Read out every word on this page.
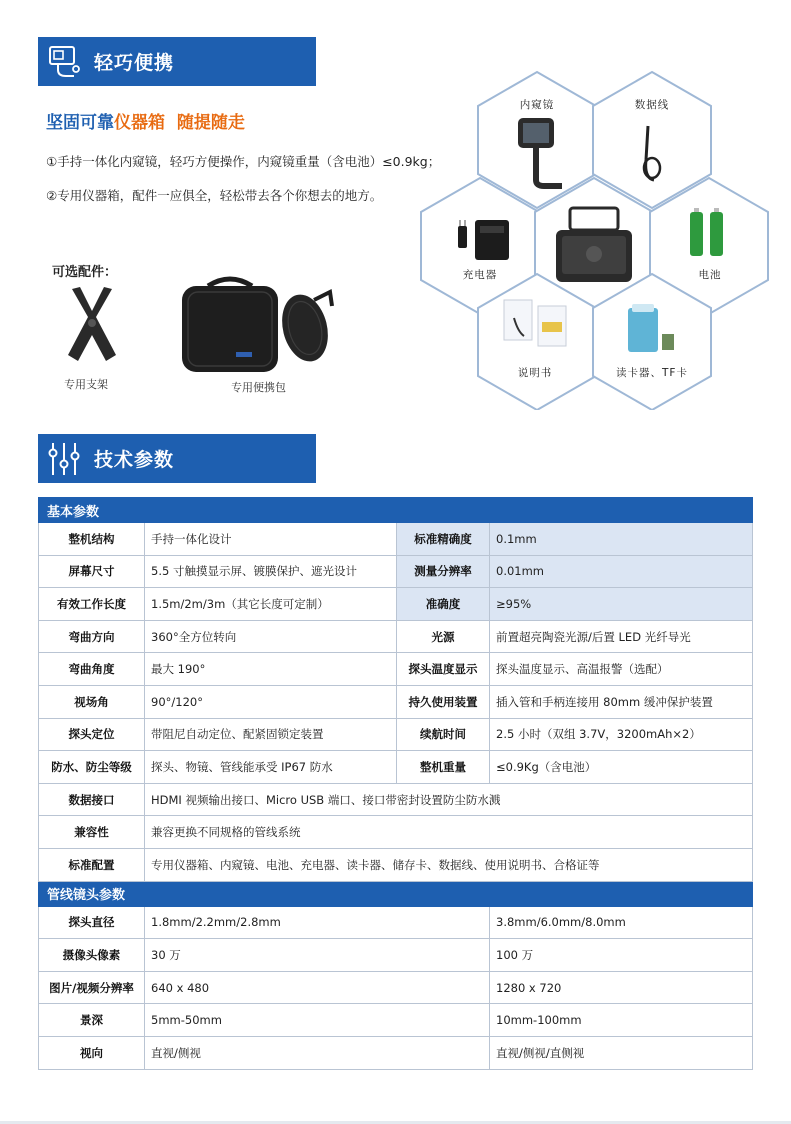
轻巧便携
坚固可靠仪器箱 随提随走
①手持一体化内窥镜，轻巧方便操作，内窥镜重量（含电池）≤0.9kg；
②专用仪器箱，配件一应俱全，轻松带去各个你想去的地方。
可选配件：
专用支架	专用便携包
内窥镜	数据线
充电器	电池
说明书	读卡器、TF卡
技术参数
基本参数			
整机结构	手持一体化设计	标准精确度	0.1mm
屏幕尺寸	5.5 寸触摸显示屏、镀膜保护、遮光设计	测量分辨率	0.01mm
有效工作长度	1.5m/2m/3m（其它长度可定制）	准确度	≥95%
弯曲方向	360°全方位转向	光源	前置超亮陶瓷光源/后置 LED 光纤导光
弯曲角度	最大 190°	探头温度显示	探头温度显示、高温报警（选配）
视场角	90°/120°	持久使用装置	插入管和手柄连接用 80mm 缓冲保护装置
探头定位	带阻尼自动定位、配紧固锁定装置	续航时间	2.5 小时（双组 3.7V，3200mAh×2）
防水、防尘等级	探头、物镜、管线能承受 IP67 防水	整机重量	≤0.9Kg（含电池）
数据接口	HDMI 视频输出接口、Micro USB 端口、接口带密封设置防尘防水溅		
兼容性	兼容更换不同规格的管线系统		
标准配置	专用仪器箱、内窥镜、电池、充电器、读卡器、储存卡、数据线、使用说明书、合格证等		
管线镜头参数			
探头直径	1.8mm/2.2mm/2.8mm		3.8mm/6.0mm/8.0mm
摄像头像素	30 万		100 万
图片/视频分辨率	640 x 480		1280 x 720
景深	5mm-50mm		10mm-100mm
视向	直视/侧视		直视/侧视/直侧视
